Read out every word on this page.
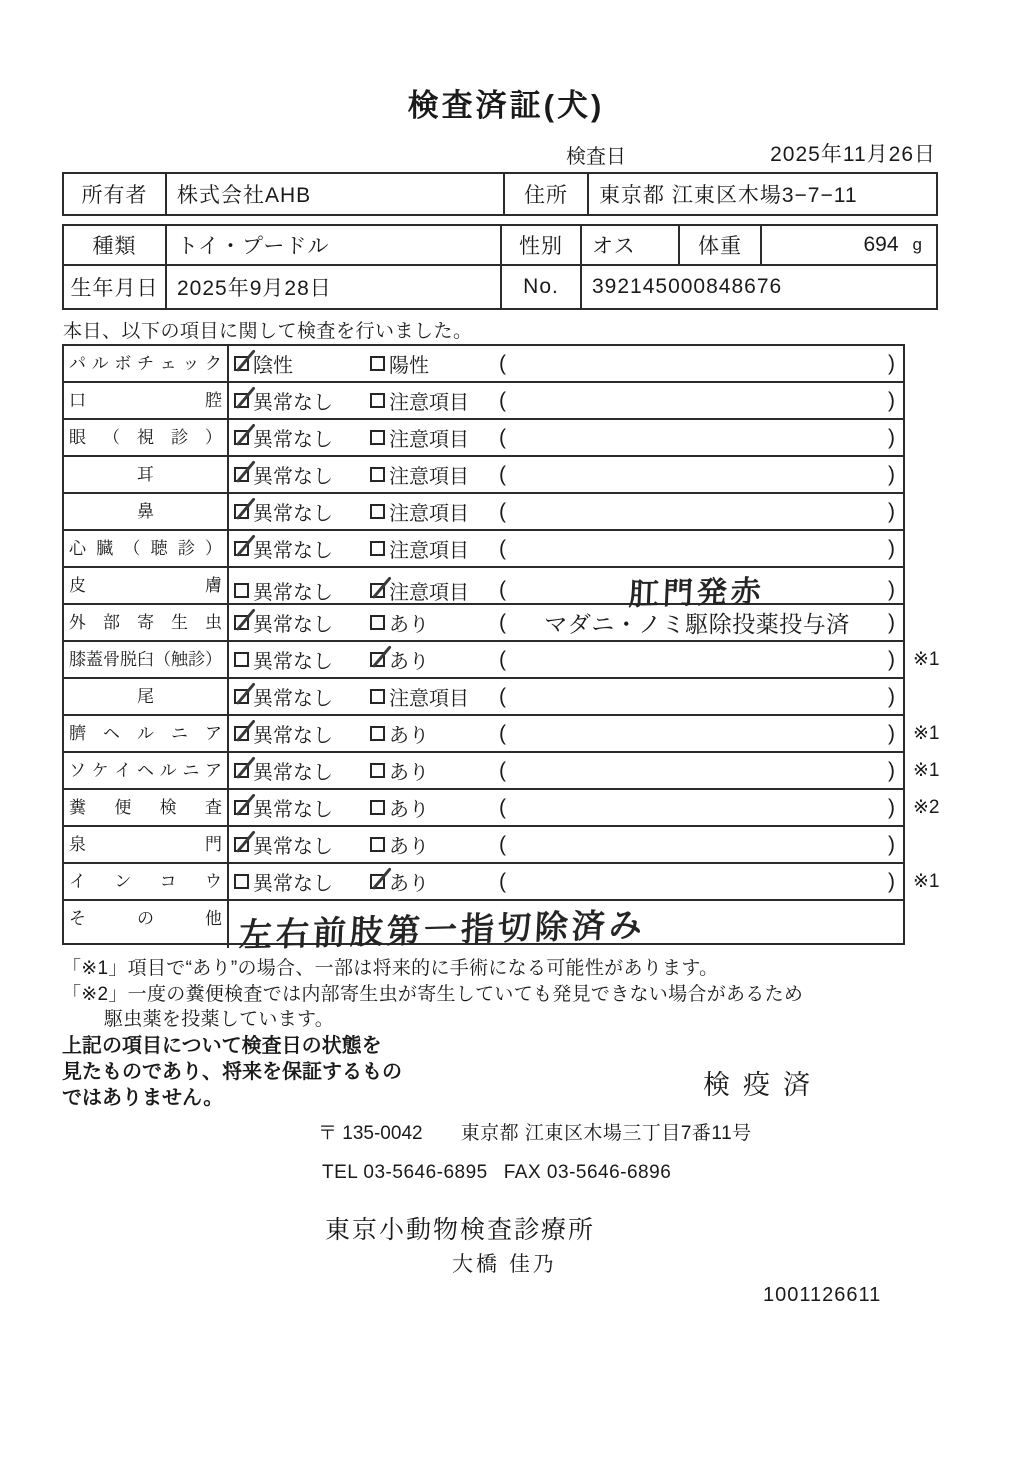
検査済証(犬)
検査日	2025年11月26日
所有者	株式会社AHB	住所	東京都 江東区木場3−7−11
種類	トイ・プードル	性別	オス	体重	694 g
生年月日 2025年9月28日	No.	392145000848676
本日、以下の項目に関して検査を行いました。
パ ル ボ チ ェ ッ ク	陰性	陽性	(	)
口 腔	異常なし	注意項目 (	)
眼 （ 視 診 ）	異常なし	注意項目 (	)
耳	異常なし	注意項目 (	)
鼻	異常なし	注意項目 (	)
心 臓 （ 聴 診 ）	異常なし	注意項目 (	)
皮 膚	異常なし	注意項目 (	肛門発赤	)
外 部 寄 生 虫	異常なし	あり	(	マダニ・ノミ駆除投薬投与済	)
膝蓋骨脱臼（触診）	異常なし	あり	(	) ※1
尾	異常なし	注意項目 (	)
臍 ヘ ル ニ ア	異常なし	あり	(	) ※1
ソ ケ イ ヘ ル ニ ア	異常なし	あり	(	) ※1
糞 便 検 査	異常なし	あり	(	) ※2
泉 門	異常なし	あり	(	)
イ ン コ ウ	異常なし	あり	(	) ※1
そ の 他 左右前肢第一指切除済み
「※1」項目で“あり”の場合、一部は将来的に手術になる可能性があります。
「※2」一度の糞便検査では内部寄生虫が寄生していても発見できない場合があるため
駆虫薬を投薬しています。
上記の項目について検査日の状態を
見たものであり、将来を保証するもの
ではありません。	検疫済
〒 135-0042 東京都 江東区木場三丁目7番11号
TEL 03-5646-6895 FAX 03-5646-6896
東京小動物検査診療所
大橋 佳乃
1001126611
